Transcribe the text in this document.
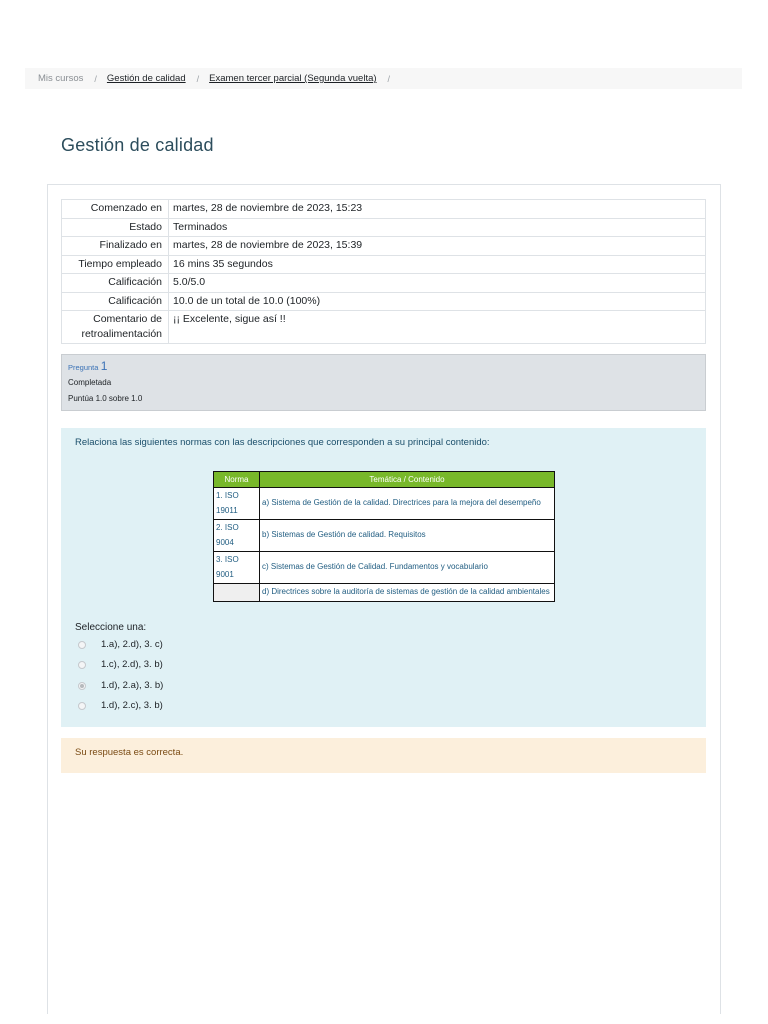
Mis cursos / Gestión de calidad / Examen tercer parcial (Segunda vuelta) /
Gestión de calidad
Comenzado en	martes, 28 de noviembre de 2023, 15:23
Estado	Terminados
Finalizado en	martes, 28 de noviembre de 2023, 15:39
Tiempo empleado	16 mins 35 segundos
Calificación	5.0/5.0
Calificación	10.0 de un total de 10.0 (100%)
Comentario de retroalimentación	¡¡ Excelente, sigue así !!
Pregunta 1
Completada
Puntúa 1.0 sobre 1.0
Relaciona las siguientes normas con las descripciones que corresponden a su principal contenido:
Norma	Temática / Contenido
1. ISO 19011	a) Sistema de Gestión de la calidad. Directrices para la mejora del desempeño
2. ISO 9004	b) Sistemas de Gestión de calidad. Requisitos
3. ISO 9001	c) Sistemas de Gestión de Calidad. Fundamentos y vocabulario
	d) Directrices sobre la auditoría de sistemas de gestión de la calidad ambientales
Seleccione una:
1.a), 2.d), 3. c)
1.c), 2.d), 3. b)
1.d), 2.a), 3. b)
1.d), 2.c), 3. b)
Su respuesta es correcta.
